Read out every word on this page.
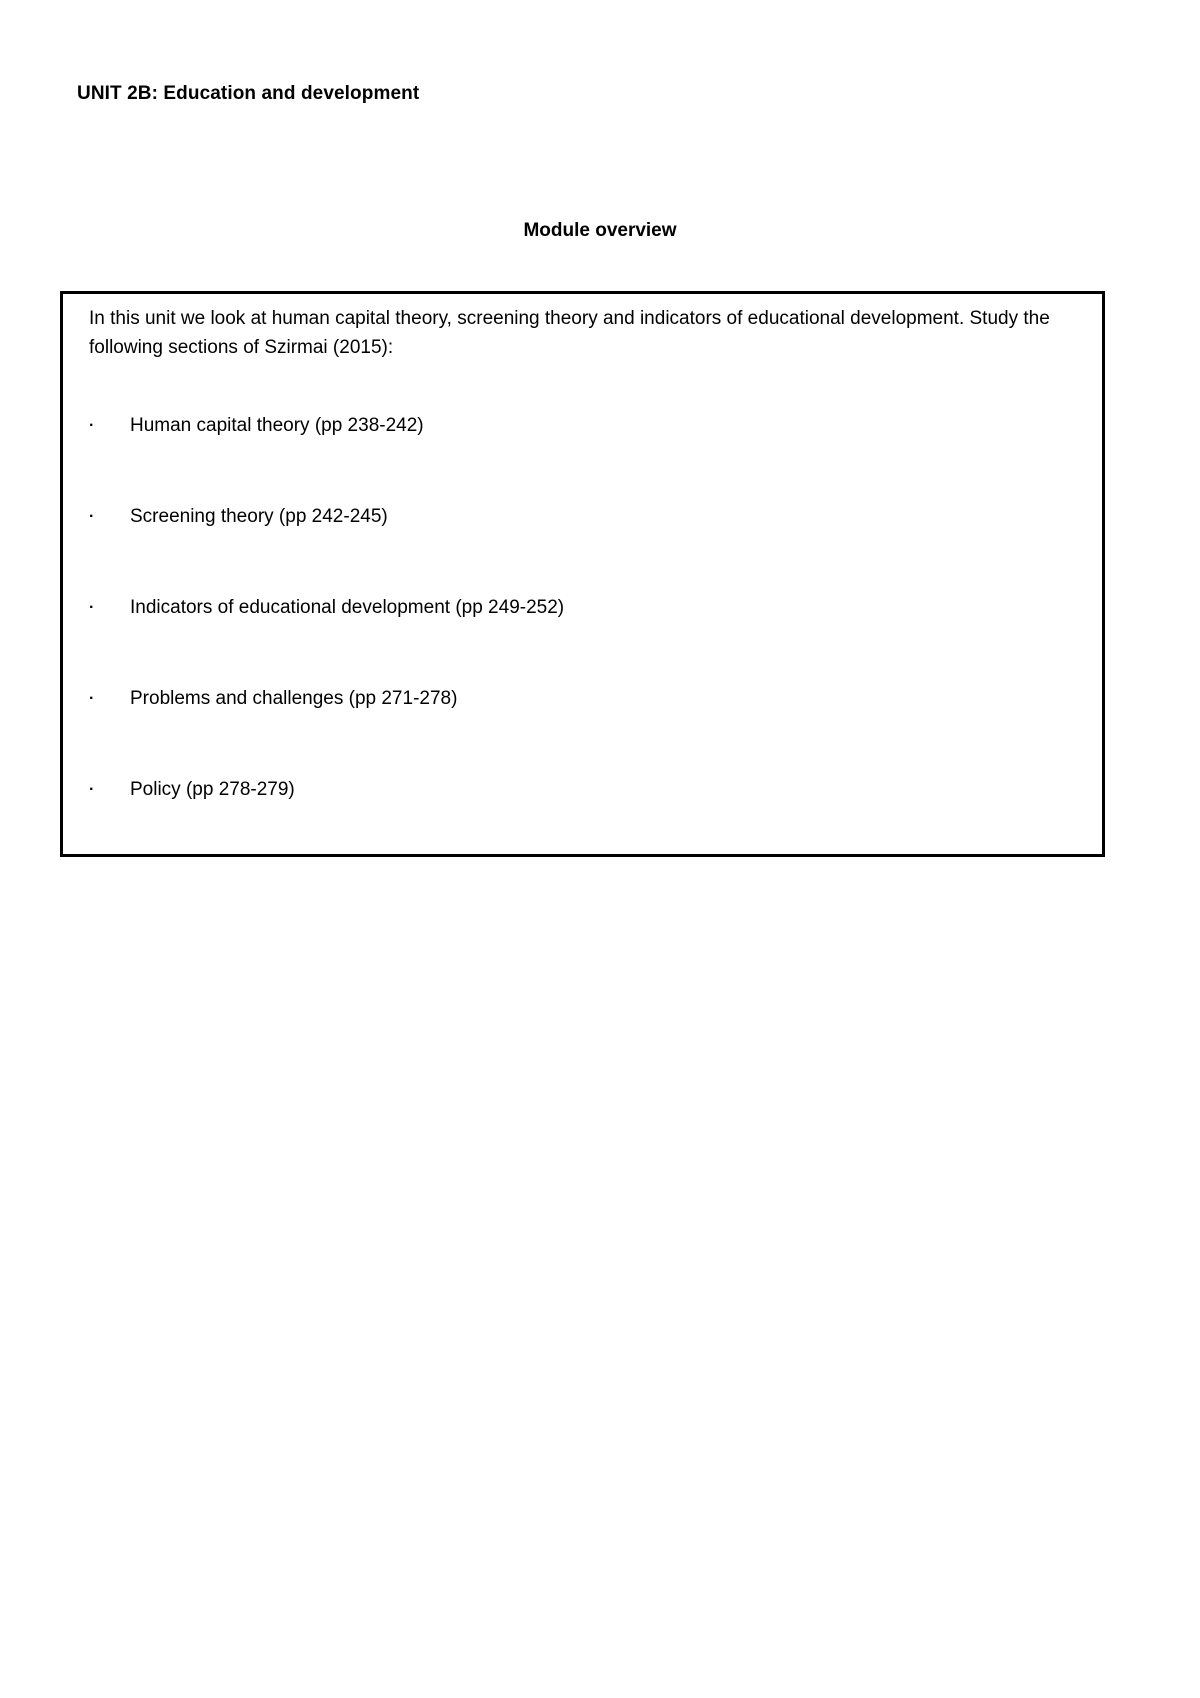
UNIT 2B: Education and development
Module overview
In this unit we look at human capital theory, screening theory and indicators of educational development. Study the following sections of Szirmai (2015):
· Human capital theory (pp 238-242)
· Screening theory (pp 242-245)
· Indicators of educational development (pp 249-252)
· Problems and challenges (pp 271-278)
· Policy (pp 278-279)
